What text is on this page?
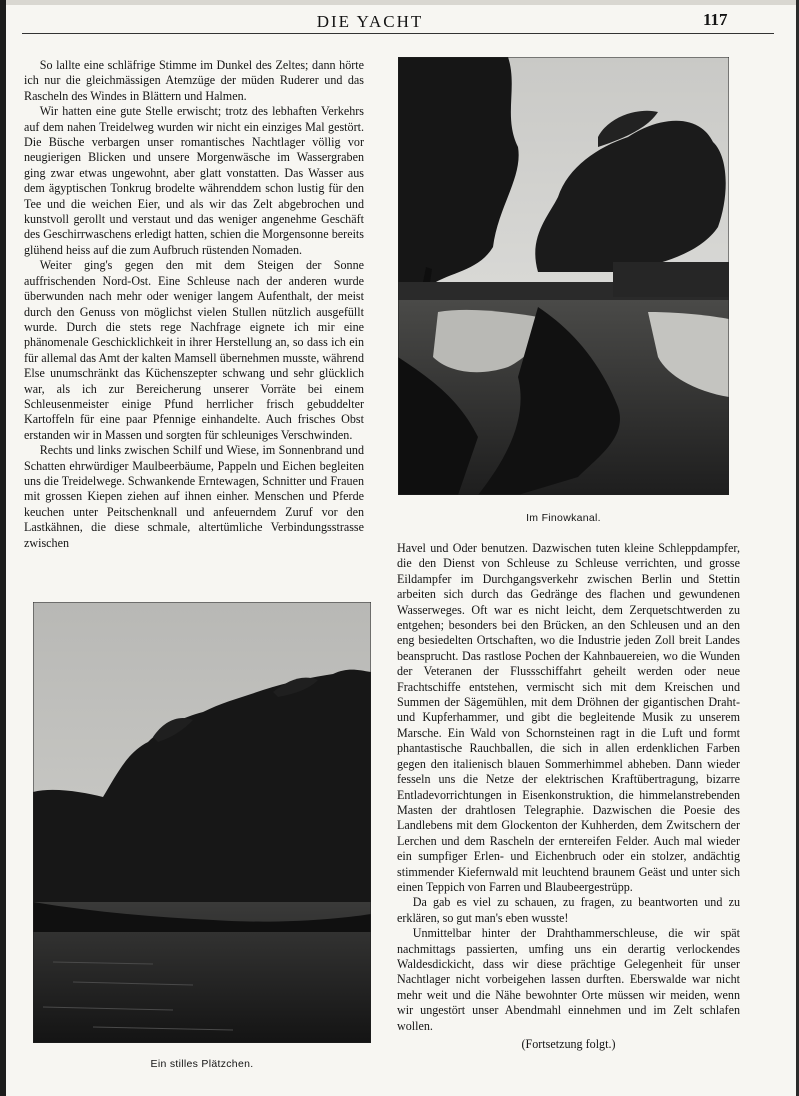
DIE YACHT	117

So lallte eine schläfrige Stimme im Dunkel des Zeltes; dann hörte ich nur die gleichmässigen Atemzüge der müden Ruderer und das Rascheln des Windes in Blättern und Halmen.

Wir hatten eine gute Stelle erwischt; trotz des lebhaften Verkehrs auf dem nahen Treidelweg wurden wir nicht ein einziges Mal gestört. Die Büsche verbargen unser romantisches Nachtlager völlig vor neugierigen Blicken und unsere Morgenwäsche im Wassergraben ging zwar etwas ungewohnt, aber glatt vonstatten. Das Wasser aus dem ägyptischen Tonkrug brodelte währenddem schon lustig für den Tee und die weichen Eier, und als wir das Zelt abgebrochen und kunstvoll gerollt und verstaut und das weniger angenehme Geschäft des Geschirrwaschens erledigt hatten, schien die Morgensonne bereits glühend heiss auf die zum Aufbruch rüstenden Nomaden.

Weiter ging's gegen den mit dem Steigen der Sonne auffrischenden Nord-Ost. Eine Schleuse nach der anderen wurde überwunden nach mehr oder weniger langem Aufenthalt, der meist durch den Genuss von möglichst vielen Stullen nützlich ausgefüllt wurde. Durch die stets rege Nachfrage eignete ich mir eine phänomenale Geschicklichkeit in ihrer Herstellung an, so dass ich ein für allemal das Amt der kalten Mamsell übernehmen musste, während Else unumschränkt das Küchenszepter schwang und sehr glücklich war, als ich zur Bereicherung unserer Vorräte bei einem Schleusenmeister einige Pfund herrlicher frisch gebuddelter Kartoffeln für eine paar Pfennige einhandelte. Auch frisches Obst erstanden wir in Massen und sorgten für schleuniges Verschwinden.

Rechts und links zwischen Schilf und Wiese, im Sonnenbrand und Schatten ehrwürdiger Maulbeerbäume, Pappeln und Eichen begleiten uns die Treidelwege. Schwankende Erntewagen, Schnitter und Frauen mit grossen Kiepen ziehen auf ihnen einher. Menschen und Pferde keuchen unter Peitschenknall und anfeuerndem Zuruf vor den Lastkähnen, die diese schmale, altertümliche Verbindungsstrasse zwischen

Im Finowkanal.

Havel und Oder benutzen. Dazwischen tuten kleine Schleppdampfer, die den Dienst von Schleuse zu Schleuse verrichten, und grosse Eildampfer im Durchgangsverkehr zwischen Berlin und Stettin arbeiten sich durch das Gedränge des flachen und gewundenen Wasserweges. Oft war es nicht leicht, dem Zerquetschtwerden zu entgehen; besonders bei den Brücken, an den Schleusen und an den eng besiedelten Ortschaften, wo die Industrie jeden Zoll breit Landes beansprucht. Das rastlose Pochen der Kahnbauereien, wo die Wunden der Veteranen der Flussschiffahrt geheilt werden oder neue Frachtschiffe entstehen, vermischt sich mit dem Kreischen und Summen der Sägemühlen, mit dem Dröhnen der gigantischen Draht- und Kupferhammer, und gibt die begleitende Musik zu unserem Marsche. Ein Wald von Schornsteinen ragt in die Luft und formt phantastische Rauchballen, die sich in allen erdenklichen Farben gegen den italienisch blauen Sommerhimmel abheben. Dann wieder fesseln uns die Netze der elektrischen Kraftübertragung, bizarre Entladevorrichtungen in Eisenkonstruktion, die himmelanstrebenden Masten der drahtlosen Telegraphie. Dazwischen die Poesie des Landlebens mit dem Glockenton der Kuhherden, dem Zwitschern der Lerchen und dem Rascheln der erntereifen Felder. Auch mal wieder ein sumpfiger Erlen- und Eichenbruch oder ein stolzer, andächtig stimmender Kiefernwald mit leuchtend braunem Geäst und unter sich einen Teppich von Farren und Blaubeergestrüpp.

Da gab es viel zu schauen, zu fragen, zu beantworten und zu erklären, so gut man's eben wusste!

Unmittelbar hinter der Drahthammerschleuse, die wir spät nachmittags passierten, umfing uns ein derartig verlockendes Waldesdickicht, dass wir diese prächtige Gelegenheit für unser Nachtlager nicht vorbeigehen lassen durften. Eberswalde war nicht mehr weit und die Nähe bewohnter Orte müssen wir meiden, wenn wir ungestört unser Abendmahl einnehmen und im Zelt schlafen wollen.

(Fortsetzung folgt.)

Ein stilles Plätzchen.
